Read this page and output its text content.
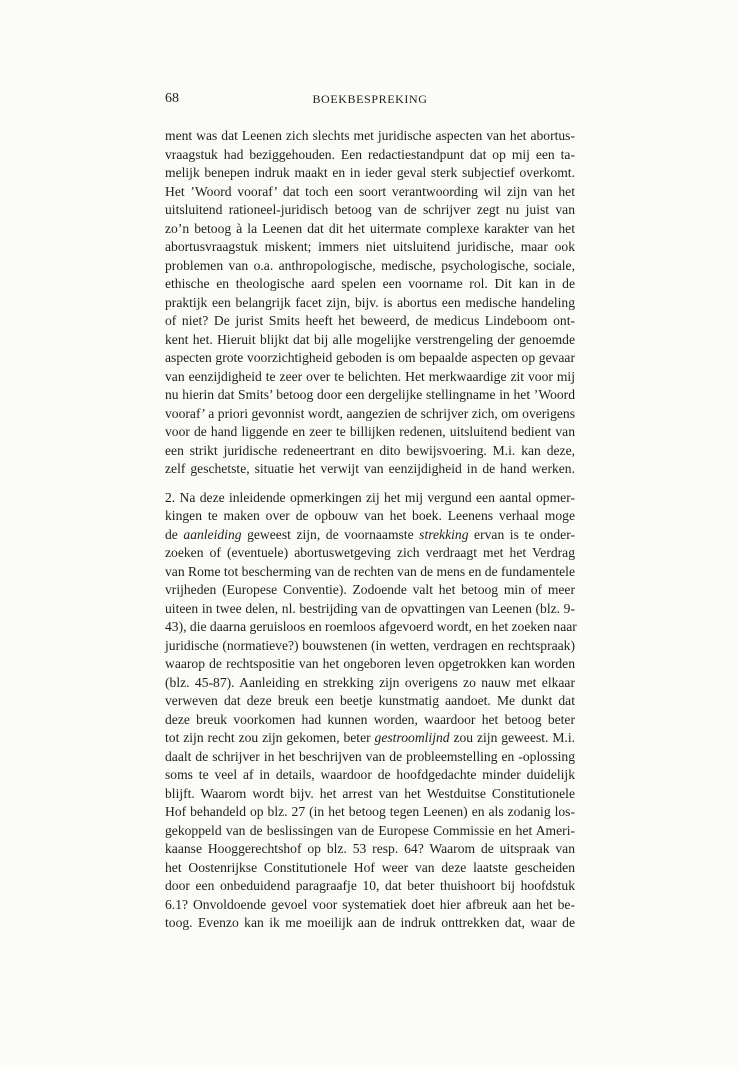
68	BOEKBESPREKING
ment was dat Leenen zich slechts met juridische aspecten van het abortus-
vraagstuk had beziggehouden. Een redactiestandpunt dat op mij een ta-
melijk benepen indruk maakt en in ieder geval sterk subjectief overkomt.
Het ’Woord vooraf’ dat toch een soort verantwoording wil zijn van het
uitsluitend rationeel-juridisch betoog van de schrijver zegt nu juist van
zo’n betoog à la Leenen dat dit het uitermate complexe karakter van het
abortusvraagstuk miskent; immers niet uitsluitend juridische, maar ook
problemen van o.a. anthropologische, medische, psychologische, sociale,
ethische en theologische aard spelen een voorname rol. Dit kan in de
praktijk een belangrijk facet zijn, bijv. is abortus een medische handeling
of niet? De jurist Smits heeft het beweerd, de medicus Lindeboom ont-
kent het. Hieruit blijkt dat bij alle mogelijke verstrengeling der genoemde
aspecten grote voorzichtigheid geboden is om bepaalde aspecten op gevaar
van eenzijdigheid te zeer over te belichten. Het merkwaardige zit voor mij
nu hierin dat Smits’ betoog door een dergelijke stellingname in het ’Woord
vooraf’ a priori gevonnist wordt, aangezien de schrijver zich, om overigens
voor de hand liggende en zeer te billijken redenen, uitsluitend bedient van
een strikt juridische redeneertrant en dito bewijsvoering. M.i. kan deze,
zelf geschetste, situatie het verwijt van eenzijdigheid in de hand werken.
2. Na deze inleidende opmerkingen zij het mij vergund een aantal opmer-
kingen te maken over de opbouw van het boek. Leenens verhaal moge
de aanleiding geweest zijn, de voornaamste strekking ervan is te onder-
zoeken of (eventuele) abortuswetgeving zich verdraagt met het Verdrag
van Rome tot bescherming van de rechten van de mens en de fundamentele
vrijheden (Europese Conventie). Zodoende valt het betoog min of meer
uiteen in twee delen, nl. bestrijding van de opvattingen van Leenen (blz. 9-
43), die daarna geruisloos en roemloos afgevoerd wordt, en het zoeken naar
juridische (normatieve?) bouwstenen (in wetten, verdragen en rechtspraak)
waarop de rechtspositie van het ongeboren leven opgetrokken kan worden
(blz. 45-87). Aanleiding en strekking zijn overigens zo nauw met elkaar
verweven dat deze breuk een beetje kunstmatig aandoet. Me dunkt dat
deze breuk voorkomen had kunnen worden, waardoor het betoog beter
tot zijn recht zou zijn gekomen, beter gestroomlijnd zou zijn geweest. M.i.
daalt de schrijver in het beschrijven van de probleemstelling en -oplossing
soms te veel af in details, waardoor de hoofdgedachte minder duidelijk
blijft. Waarom wordt bijv. het arrest van het Westduitse Constitutionele
Hof behandeld op blz. 27 (in het betoog tegen Leenen) en als zodanig los-
gekoppeld van de beslissingen van de Europese Commissie en het Ameri-
kaanse Hooggerechtshof op blz. 53 resp. 64? Waarom de uitspraak van
het Oostenrijkse Constitutionele Hof weer van deze laatste gescheiden
door een onbeduidend paragraafje 10, dat beter thuishoort bij hoofdstuk
6.1? Onvoldoende gevoel voor systematiek doet hier afbreuk aan het be-
toog. Evenzo kan ik me moeilijk aan de indruk onttrekken dat, waar de
